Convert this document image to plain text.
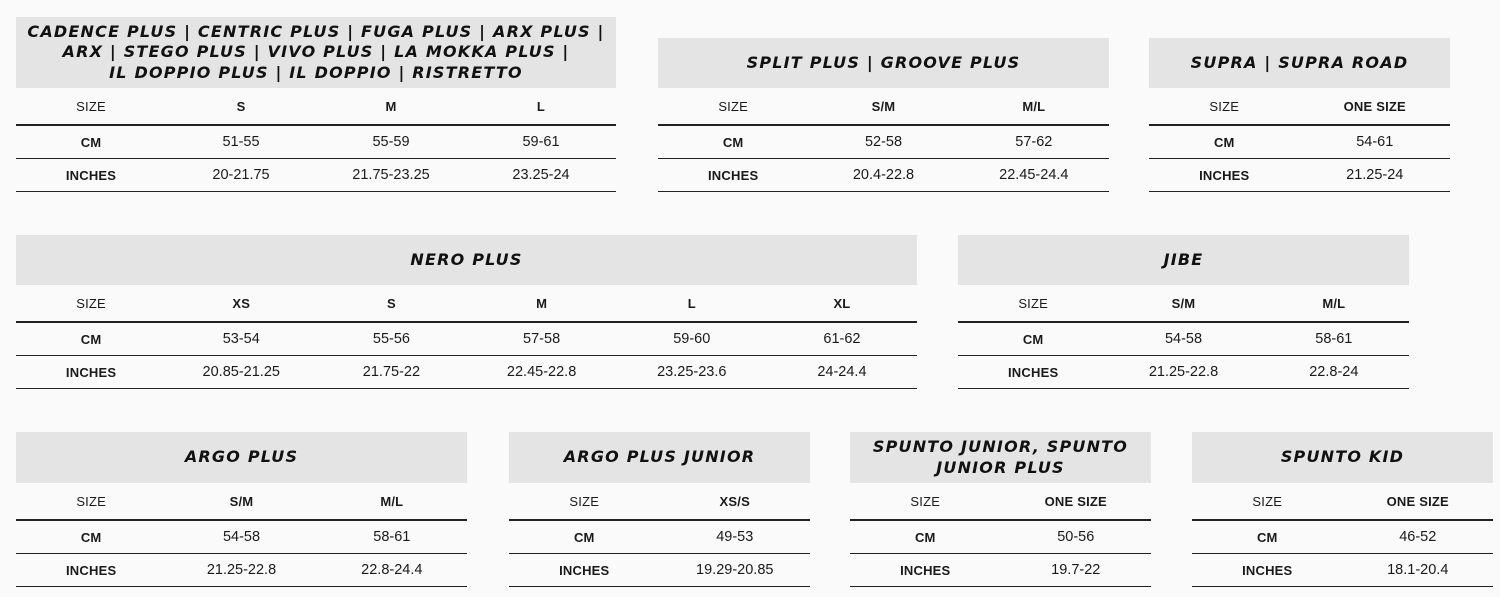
CADENCE PLUS | CENTRIC PLUS | FUGA PLUS | ARX PLUS |
ARX | STEGO PLUS | VIVO PLUS | LA MOKKA PLUS |
IL DOPPIO PLUS | IL DOPPIO | RISTRETTO
SIZE	S	M	L
CM	51-55	55-59	59-61
INCHES	20-21.75	21.75-23.25	23.25-24
SPLIT PLUS | GROOVE PLUS
SIZE	S/M	M/L
CM	52-58	57-62
INCHES	20.4-22.8	22.45-24.4
SUPRA | SUPRA ROAD
SIZE	ONE SIZE
CM	54-61
INCHES	21.25-24
NERO PLUS
SIZE	XS	S	M	L	XL
CM	53-54	55-56	57-58	59-60	61-62
INCHES	20.85-21.25	21.75-22	22.45-22.8	23.25-23.6	24-24.4
JIBE
SIZE	S/M	M/L
CM	54-58	58-61
INCHES	21.25-22.8	22.8-24
ARGO PLUS
SIZE	S/M	M/L
CM	54-58	58-61
INCHES	21.25-22.8	22.8-24.4
ARGO PLUS JUNIOR
SIZE	XS/S
CM	49-53
INCHES	19.29-20.85
SPUNTO JUNIOR, SPUNTO
JUNIOR PLUS
SIZE	ONE SIZE
CM	50-56
INCHES	19.7-22
SPUNTO KID
SIZE	ONE SIZE
CM	46-52
INCHES	18.1-20.4
